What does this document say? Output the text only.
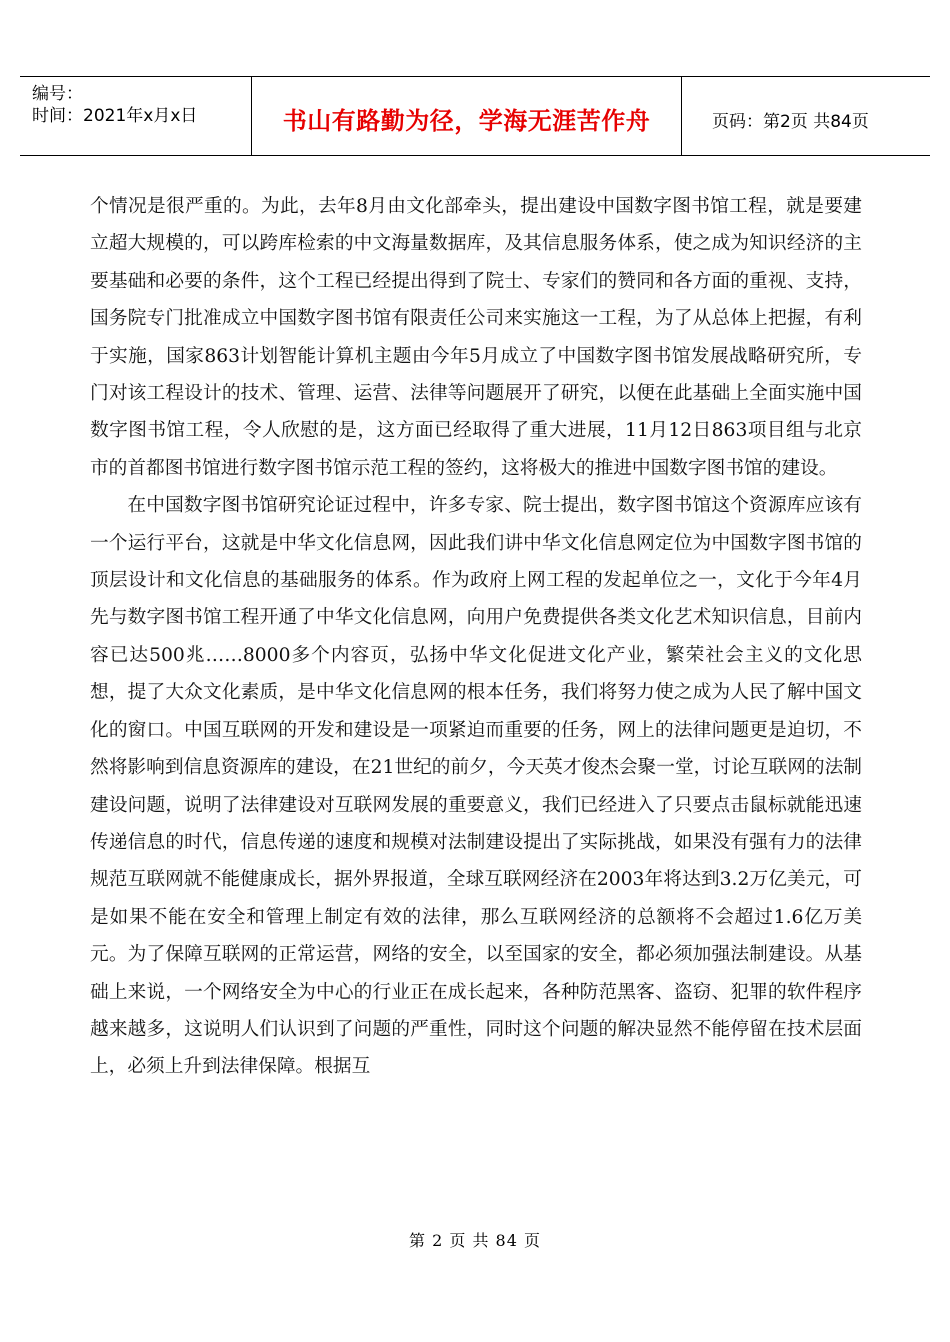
编号：
时间：2021年x月x日	书山有路勤为径，学海无涯苦作舟	页码：第2页 共84页

个情况是很严重的。为此，去年8月由文化部牵头，提出建设中国数字图书馆工程，就是要建立超大规模的，可以跨库检索的中文海量数据库，及其信息服务体系，使之成为知识经济的主要基础和必要的条件，这个工程已经提出得到了院士、专家们的赞同和各方面的重视、支持，国务院专门批准成立中国数字图书馆有限责任公司来实施这一工程，为了从总体上把握，有利于实施，国家863计划智能计算机主题由今年5月成立了中国数字图书馆发展战略研究所，专门对该工程设计的技术、管理、运营、法律等问题展开了研究，以便在此基础上全面实施中国数字图书馆工程，令人欣慰的是，这方面已经取得了重大进展，11月12日863项目组与北京市的首都图书馆进行数字图书馆示范工程的签约，这将极大的推进中国数字图书馆的建设。

在中国数字图书馆研究论证过程中，许多专家、院士提出，数字图书馆这个资源库应该有一个运行平台，这就是中华文化信息网，因此我们讲中华文化信息网定位为中国数字图书馆的顶层设计和文化信息的基础服务的体系。作为政府上网工程的发起单位之一，文化于今年4月先与数字图书馆工程开通了中华文化信息网，向用户免费提供各类文化艺术知识信息，目前内容已达500兆……8000多个内容页，弘扬中华文化促进文化产业，繁荣社会主义的文化思想，提了大众文化素质，是中华文化信息网的根本任务，我们将努力使之成为人民了解中国文化的窗口。中国互联网的开发和建设是一项紧迫而重要的任务，网上的法律问题更是迫切，不然将影响到信息资源库的建设，在21世纪的前夕，今天英才俊杰会聚一堂，讨论互联网的法制建设问题，说明了法律建设对互联网发展的重要意义，我们已经进入了只要点击鼠标就能迅速传递信息的时代，信息传递的速度和规模对法制建设提出了实际挑战，如果没有强有力的法律规范互联网就不能健康成长，据外界报道，全球互联网经济在2003年将达到3.2万亿美元，可是如果不能在安全和管理上制定有效的法律，那么互联网经济的总额将不会超过1.6亿万美元。为了保障互联网的正常运营，网络的安全，以至国家的安全，都必须加强法制建设。从基础上来说，一个网络安全为中心的行业正在成长起来，各种防范黑客、盗窃、犯罪的软件程序越来越多，这说明人们认识到了问题的严重性，同时这个问题的解决显然不能停留在技术层面上，必须上升到法律保障。根据互

第 2 页 共 84 页
